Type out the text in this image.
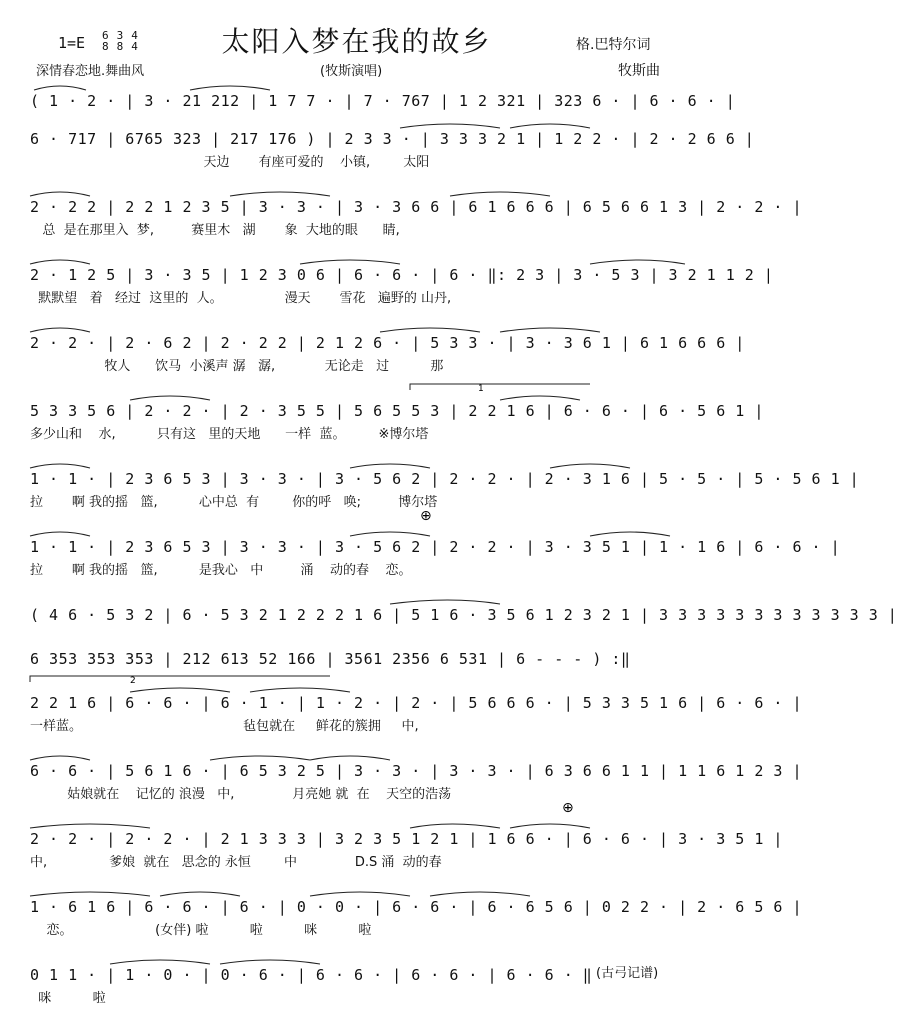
太阳入梦在我的故乡
1=E 6
8
3
8
4
4	格.巴特尔词
深情春恋地.舞曲风	(牧斯演唱)	牧斯曲
( 1 · 2 · | 3 · 21 212 | 1 7 7 · | 7 · 767 | 1 2 321 | 323 6 · | 6 · 6 · |
6 · 717 | 6765 323 | 217 176 ) | 2 3 3 · | 3 3 3 2 1 | 1 2 2 · | 2 · 2 6 6 |
天边       有座可爱的    小镇,        太阳
2 · 2 2 | 2 2 1 2 3 5 | 3 · 3 · | 3 · 3 6 6 | 6 1 6 6 6 | 6 5 6 6 1 3 | 2 · 2 · |
总  是在那里入  梦,         赛里木   湖       象  大地的眼      睛,
2 · 1 2 5 | 3 · 3 5 | 1 2 3 0 6 | 6 · 6 · | 6 · ‖: 2 3 | 3 · 5 3 | 3 2 1 1 2 |
默默望   着   经过  这里的  人。               漫天       雪花   遍野的 山丹,
2 · 2 · | 2 · 6 2 | 2 · 2 2 | 2 1 2 6 · | 5 3 3 · | 3 · 3 6 1 | 6 1 6 6 6 |
牧人      饮马  小溪声 潺   潺,            无论走   过          那
1
5 3 3 5 6 | 2 · 2 · | 2 · 3 5 5 | 5 6 5 5 3 | 2 2 1 6 | 6 · 6 · | 6 · 5 6 1 |
多少山和    水,          只有这   里的天地      一样  蓝。        ※博尔塔
1 · 1 · | 2 3 6 5 3 | 3 · 3 · | 3 · 5 6 2 | 2 · 2 · | 2 · 3 1 6 | 5 · 5 · | 5 · 5 6 1 |
拉       啊 我的摇   篮,          心中总  有        你的呼   唤;         博尔塔
⊕
1 · 1 · | 2 3 6 5 3 | 3 · 3 · | 3 · 5 6 2 | 2 · 2 · | 3 · 3 5 1 | 1 · 1 6 | 6 · 6 · |
拉       啊 我的摇   篮,          是我心   中         涌    动的春    恋。
( 4 6 · 5 3 2 | 6 · 5 3 2 1 2 2 2 1 6 | 5 1 6 · 3 5 6 1 2 3 2 1 | 3 3 3 3 3 3 3 3 3 3 3 3 |
6 353 353 353 | 212 613 52 166 | 3561 2356 6 531 | 6 - - - ) :‖
2
2 2 1 6 | 6 · 6 · | 6 · 1 · | 1 · 2 · | 2 · | 5 6 6 6 · | 5 3 3 5 1 6 | 6 · 6 · |
一样蓝。                                       毡包就在     鲜花的簇拥     中,
6 · 6 · | 5 6 1 6 · | 6 5 3 2 5 | 3 · 3 · | 3 · 3 · | 6 3 6 6 1 1 | 1 1 6 1 2 3 |
姑娘就在    记忆的 浪漫   中,              月亮她 就  在    天空的浩荡
⊕
2 · 2 · | 2 · 2 · | 2 1 3 3 3 | 3 2 3 5 1 2 1 | 1 6 6 · | 6 · 6 · | 3 · 3 5 1 |
中,               爹娘  就在   思念的 永恒        中              D.S 涌  动的春
1 · 6 1 6 | 6 · 6 · | 6 · | 0 · 0 · | 6 · 6 · | 6 · 6 5 6 | 0 2 2 · | 2 · 6 5 6 |
恋。                    (女伴) 啦          啦          咪          啦
0 1 1 · | 1 · 0 · | 0 · 6 · | 6 · 6 · | 6 · 6 · | 6 · 6 · ‖
咪          啦
(古弓记谱)
